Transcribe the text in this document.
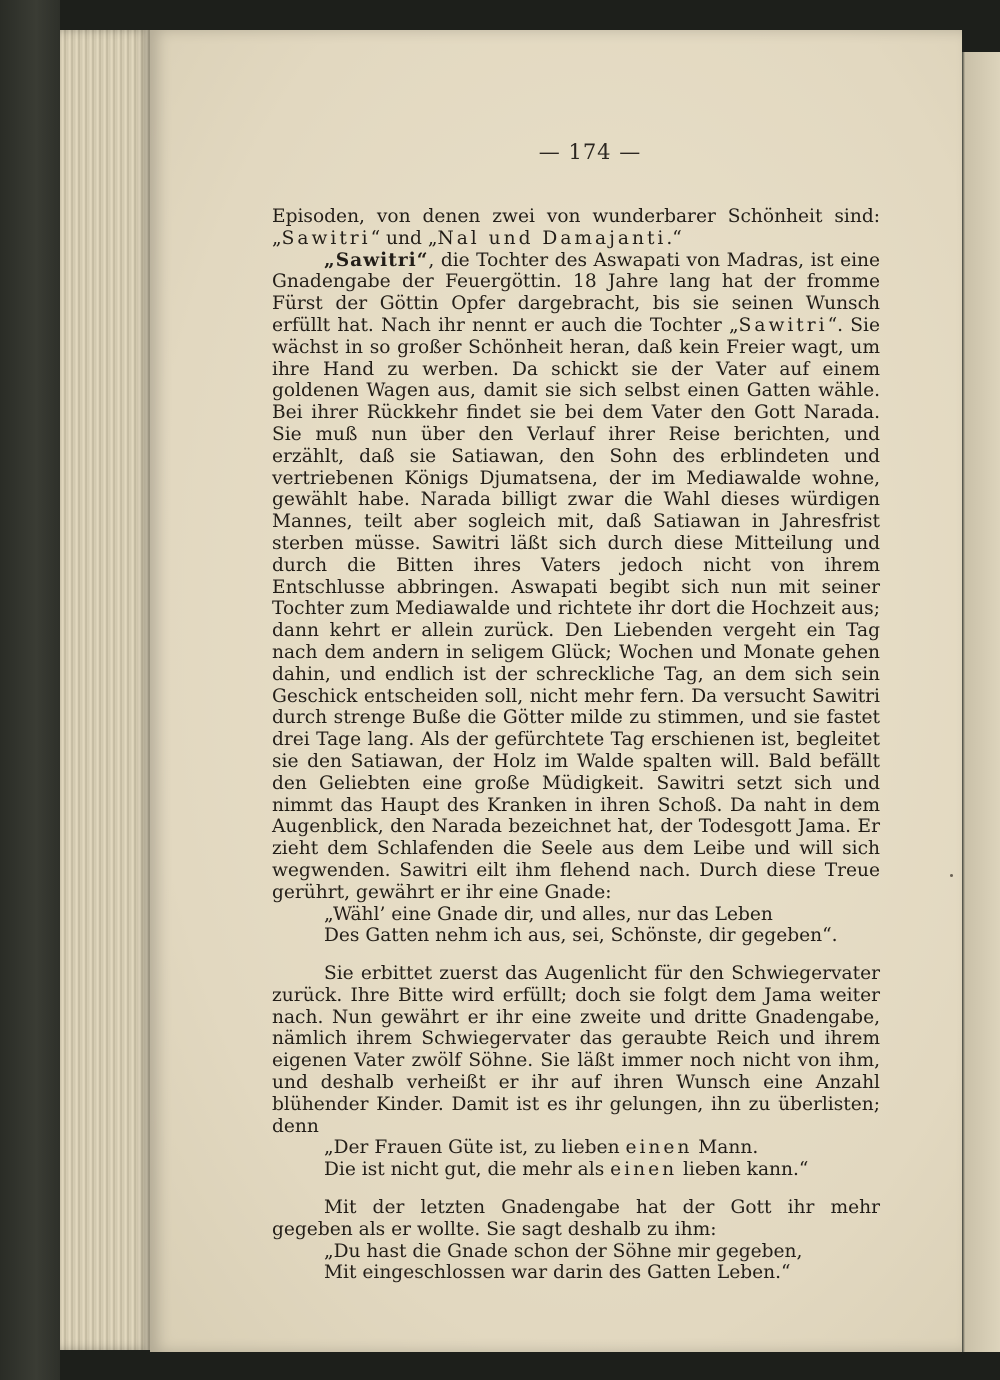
— 174 —

Episoden, von denen zwei von wunderbarer Schönheit sind: „Sawitri“ und „Nal und Damajanti.“

„Sawitri“, die Tochter des Aswapati von Madras, ist eine Gnadengabe der Feuergöttin. 18 Jahre lang hat der fromme Fürst der Göttin Opfer dargebracht, bis sie seinen Wunsch erfüllt hat. Nach ihr nennt er auch die Tochter „Sawitri“. Sie wächst in so großer Schönheit heran, daß kein Freier wagt, um ihre Hand zu werben. Da schickt sie der Vater auf einem goldenen Wagen aus, damit sie sich selbst einen Gatten wähle. Bei ihrer Rückkehr findet sie bei dem Vater den Gott Narada. Sie muß nun über den Verlauf ihrer Reise berichten, und erzählt, daß sie Satiawan, den Sohn des erblindeten und vertriebenen Königs Djumatsena, der im Mediawalde wohne, gewählt habe. Narada billigt zwar die Wahl dieses würdigen Mannes, teilt aber sogleich mit, daß Satiawan in Jahresfrist sterben müsse. Sawitri läßt sich durch diese Mitteilung und durch die Bitten ihres Vaters jedoch nicht von ihrem Entschlusse abbringen. Aswapati begibt sich nun mit seiner Tochter zum Mediawalde und richtete ihr dort die Hochzeit aus; dann kehrt er allein zurück. Den Liebenden vergeht ein Tag nach dem andern in seligem Glück; Wochen und Monate gehen dahin, und endlich ist der schreckliche Tag, an dem sich sein Geschick entscheiden soll, nicht mehr fern. Da versucht Sawitri durch strenge Buße die Götter milde zu stimmen, und sie fastet drei Tage lang. Als der gefürchtete Tag erschienen ist, begleitet sie den Satiawan, der Holz im Walde spalten will. Bald befällt den Geliebten eine große Müdigkeit. Sawitri setzt sich und nimmt das Haupt des Kranken in ihren Schoß. Da naht in dem Augenblick, den Narada bezeichnet hat, der Todesgott Jama. Er zieht dem Schlafenden die Seele aus dem Leibe und will sich wegwenden. Sawitri eilt ihm flehend nach. Durch diese Treue gerührt, gewährt er ihr eine Gnade:

„Wähl’ eine Gnade dir, und alles, nur das Leben

Des Gatten nehm ich aus, sei, Schönste, dir gegeben“.

Sie erbittet zuerst das Augenlicht für den Schwiegervater zurück. Ihre Bitte wird erfüllt; doch sie folgt dem Jama weiter nach. Nun gewährt er ihr eine zweite und dritte Gnadengabe, nämlich ihrem Schwiegervater das geraubte Reich und ihrem eigenen Vater zwölf Söhne. Sie läßt immer noch nicht von ihm, und deshalb verheißt er ihr auf ihren Wunsch eine Anzahl blühender Kinder. Damit ist es ihr gelungen, ihn zu überlisten; denn

„Der Frauen Güte ist, zu lieben einen Mann.

Die ist nicht gut, die mehr als einen lieben kann.“

Mit der letzten Gnadengabe hat der Gott ihr mehr gegeben als er wollte. Sie sagt deshalb zu ihm:

„Du hast die Gnade schon der Söhne mir gegeben,

Mit eingeschlossen war darin des Gatten Leben.“
